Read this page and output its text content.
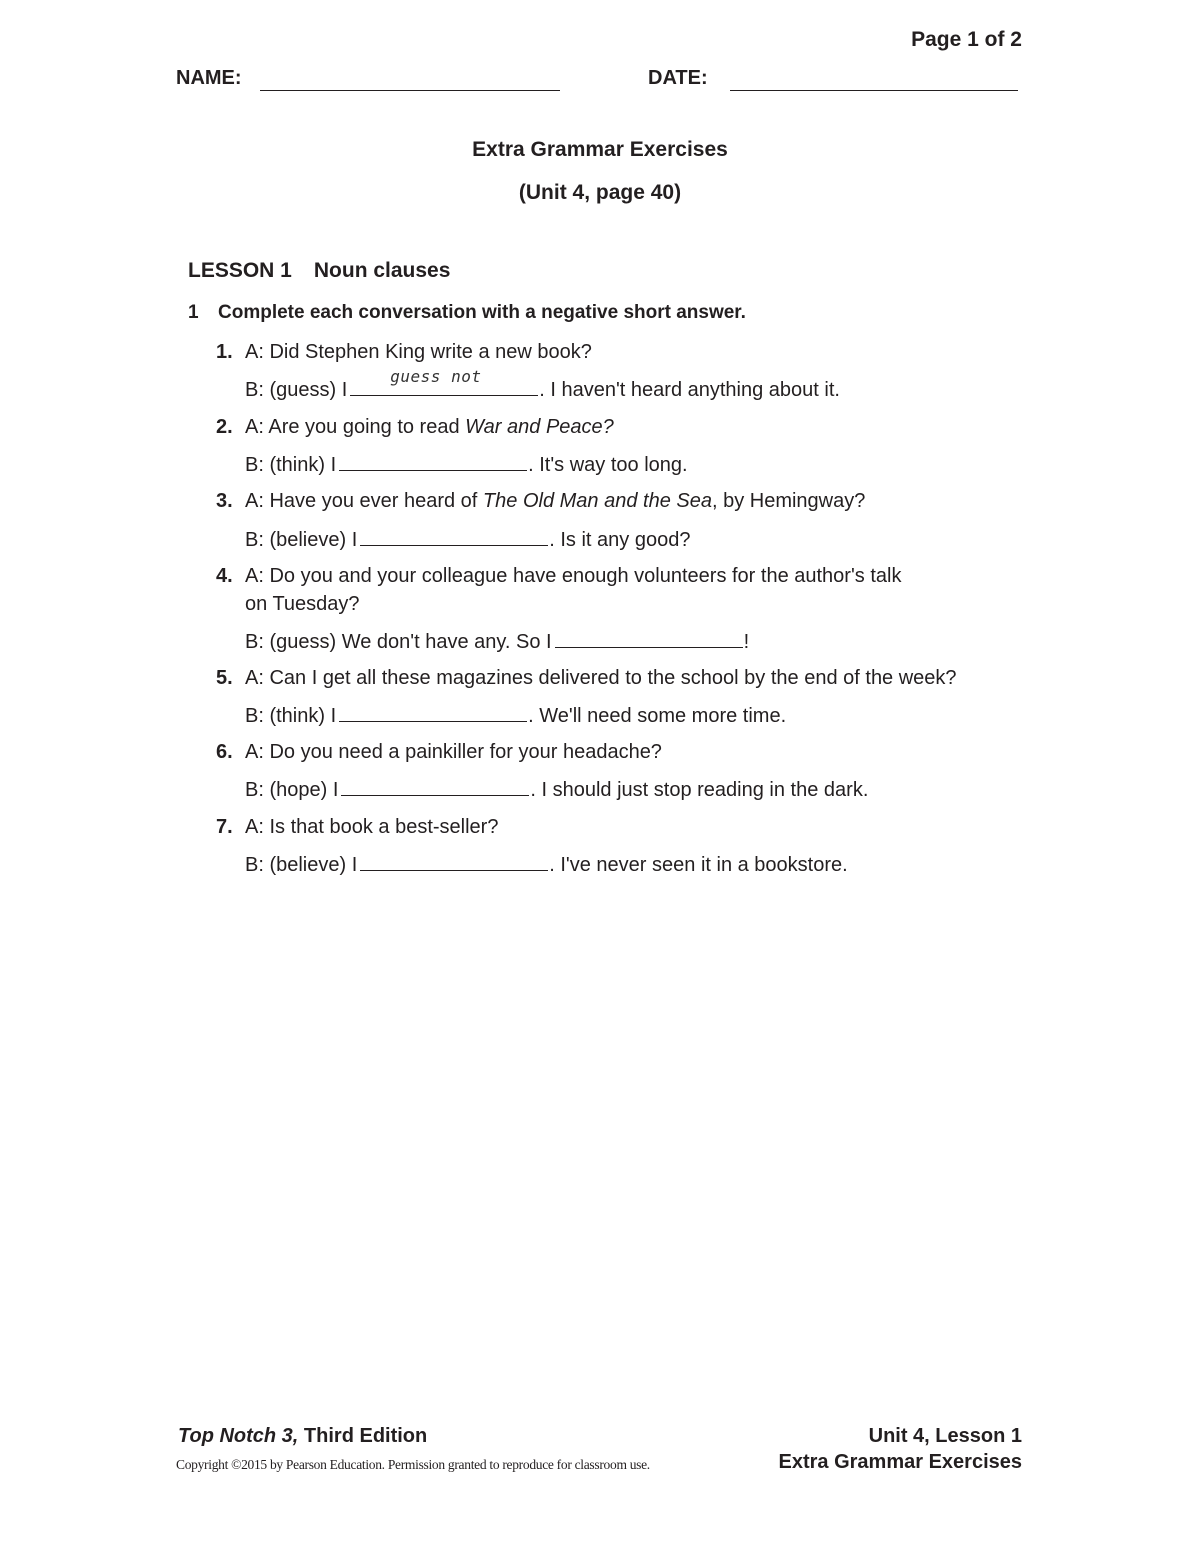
Page 1 of 2
NAME:	DATE:
Extra Grammar Exercises
(Unit 4, page 40)
LESSON 1 Noun clauses
1 Complete each conversation with a negative short answer.
1. A: Did Stephen King write a new book?
B: (guess) I
guess not
. I haven't heard anything about it.
2. A: Are you going to read War and Peace?
B: (think) I	. It's way too long.
3. A: Have you ever heard of The Old Man and the Sea, by Hemingway?
B: (believe) I	. Is it any good?
4. A: Do you and your colleague have enough volunteers for the author's talk
on Tuesday?
B: (guess) We don't have any. So I	!
5. A: Can I get all these magazines delivered to the school by the end of the week?
B: (think) I	. We'll need some more time.
6. A: Do you need a painkiller for your headache?
B: (hope) I	. I should just stop reading in the dark.
7. A: Is that book a best-seller?
B: (believe) I	. I've never seen it in a bookstore.
Top Notch 3, Third Edition
Copyright ©2015 by Pearson Education. Permission granted to reproduce for classroom use.
Unit 4, Lesson 1
Extra Grammar Exercises
